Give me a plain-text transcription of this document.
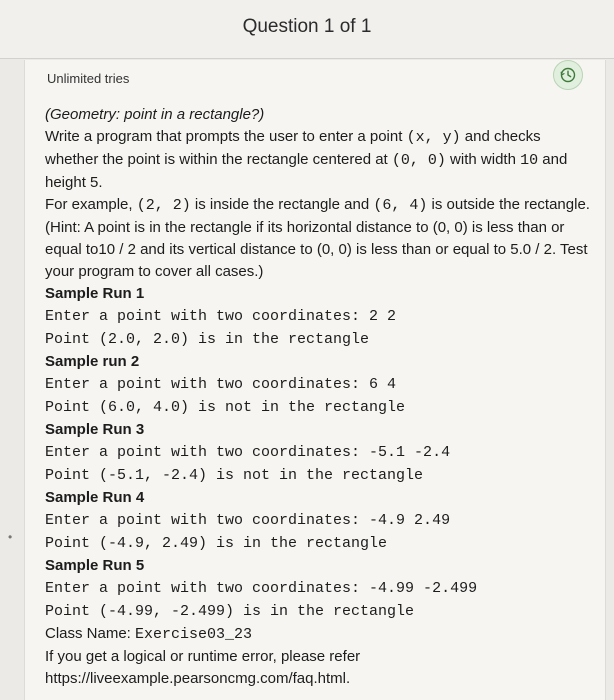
Question 1 of 1
Unlimited tries

(Geometry: point in a rectangle?)

Write a program that prompts the user to enter a point (x, y) and checks whether the point is within the rectangle centered at (0, 0) with width 10 and height 5.

For example, (2, 2) is inside the rectangle and (6, 4) is outside the rectangle.

(Hint: A point is in the rectangle if its horizontal distance to (0, 0) is less than or equal to10 / 2 and its vertical distance to (0, 0) is less than or equal to 5.0 / 2. Test your program to cover all cases.)

Sample Run 1
Enter a point with two coordinates: 2 2
Point (2.0, 2.0) is in the rectangle
Sample run 2
Enter a point with two coordinates: 6 4
Point (6.0, 4.0) is not in the rectangle
Sample Run 3
Enter a point with two coordinates: -5.1 -2.4
Point (-5.1, -2.4) is not in the rectangle
Sample Run 4
Enter a point with two coordinates: -4.9 2.49
Point (-4.9, 2.49) is in the rectangle
Sample Run 5
Enter a point with two coordinates: -4.99 -2.499
Point (-4.99, -2.499) is in the rectangle

Class Name: Exercise03_23

If you get a logical or runtime error, please refer

https://liveexample.pearsoncmg.com/faq.html.

•
